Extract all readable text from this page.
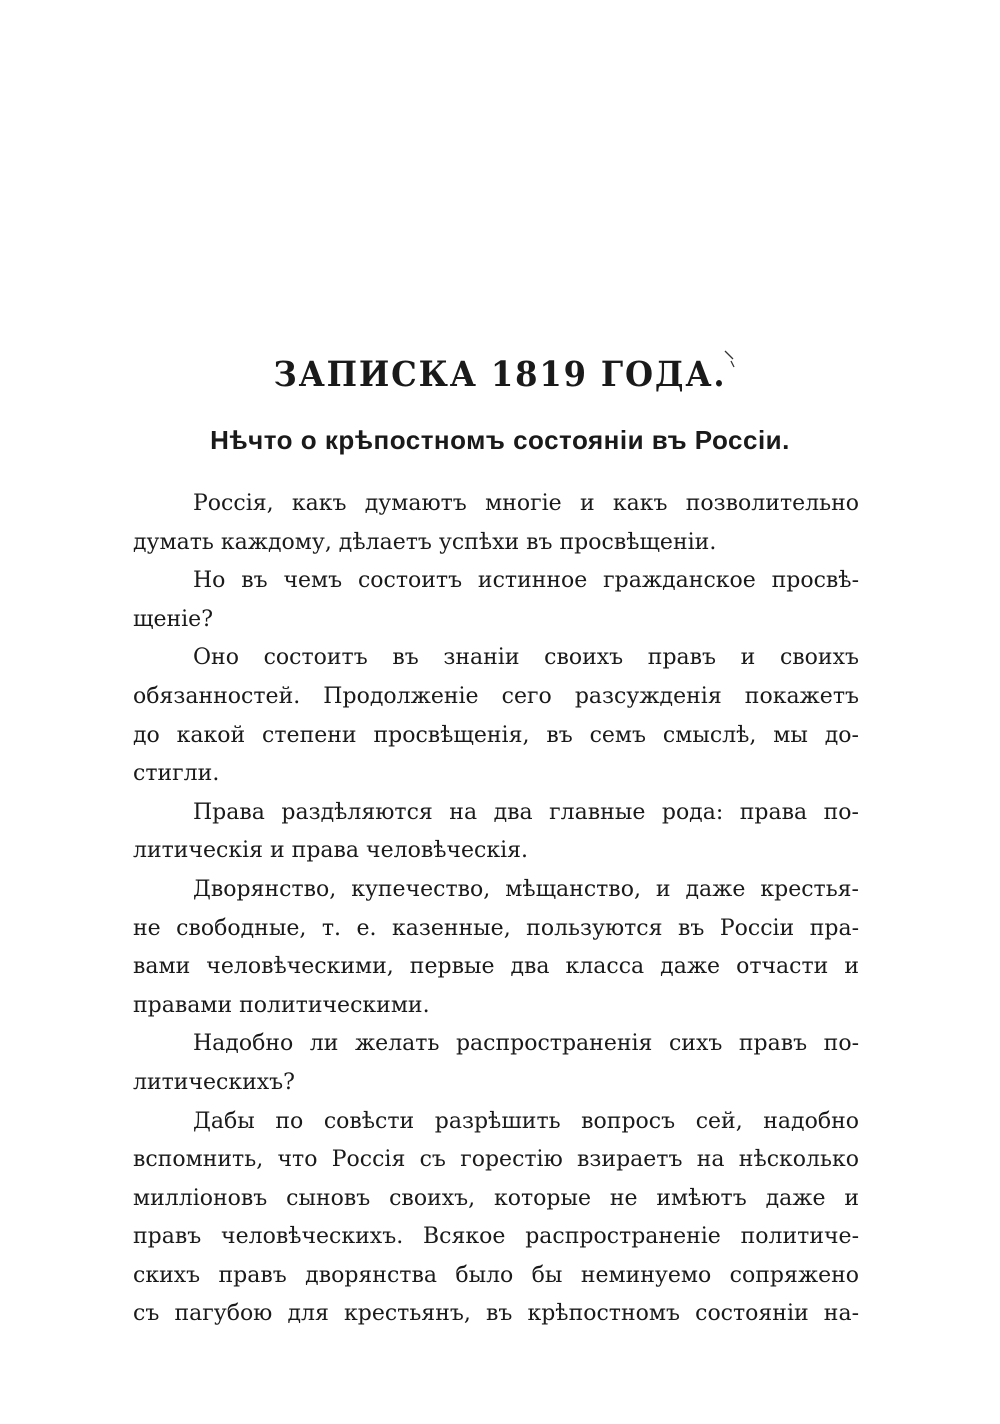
ЗАПИСКА 1819 ГОДА.
Нѣчто о крѣпостномъ состояніи въ Россіи.
Россія, какъ думаютъ многіе и какъ позволительно
думать каждому, дѣлаетъ успѣхи въ просвѣщеніи.
Но въ чемъ состоитъ истинное гражданское просвѣ-
щеніе?
Оно состоитъ въ знаніи своихъ правъ и своихъ
обязанностей. Продолженіе сего разсужденія покажетъ
до какой степени просвѣщенія, въ семъ смыслѣ, мы до-
стигли.
Права раздѣляются на два главные рода: права по-
литическія и права человѣческія.
Дворянство, купечество, мѣщанство, и даже крестья-
не свободные, т. е. казенные, пользуются въ Россіи пра-
вами человѣческими, первые два класса даже отчасти и
правами политическими.
Надобно ли желать распространенія сихъ правъ по-
литическихъ?
Дабы по совѣсти разрѣшить вопросъ сей, надобно
вспомнить, что Россія съ горестію взираетъ на нѣсколько
милліоновъ сыновъ своихъ, которые не имѣютъ даже и
правъ человѣческихъ. Всякое распространеніе политиче-
скихъ правъ дворянства было бы неминуемо сопряжено
съ пагубою для крестьянъ, въ крѣпостномъ состояніи на-
